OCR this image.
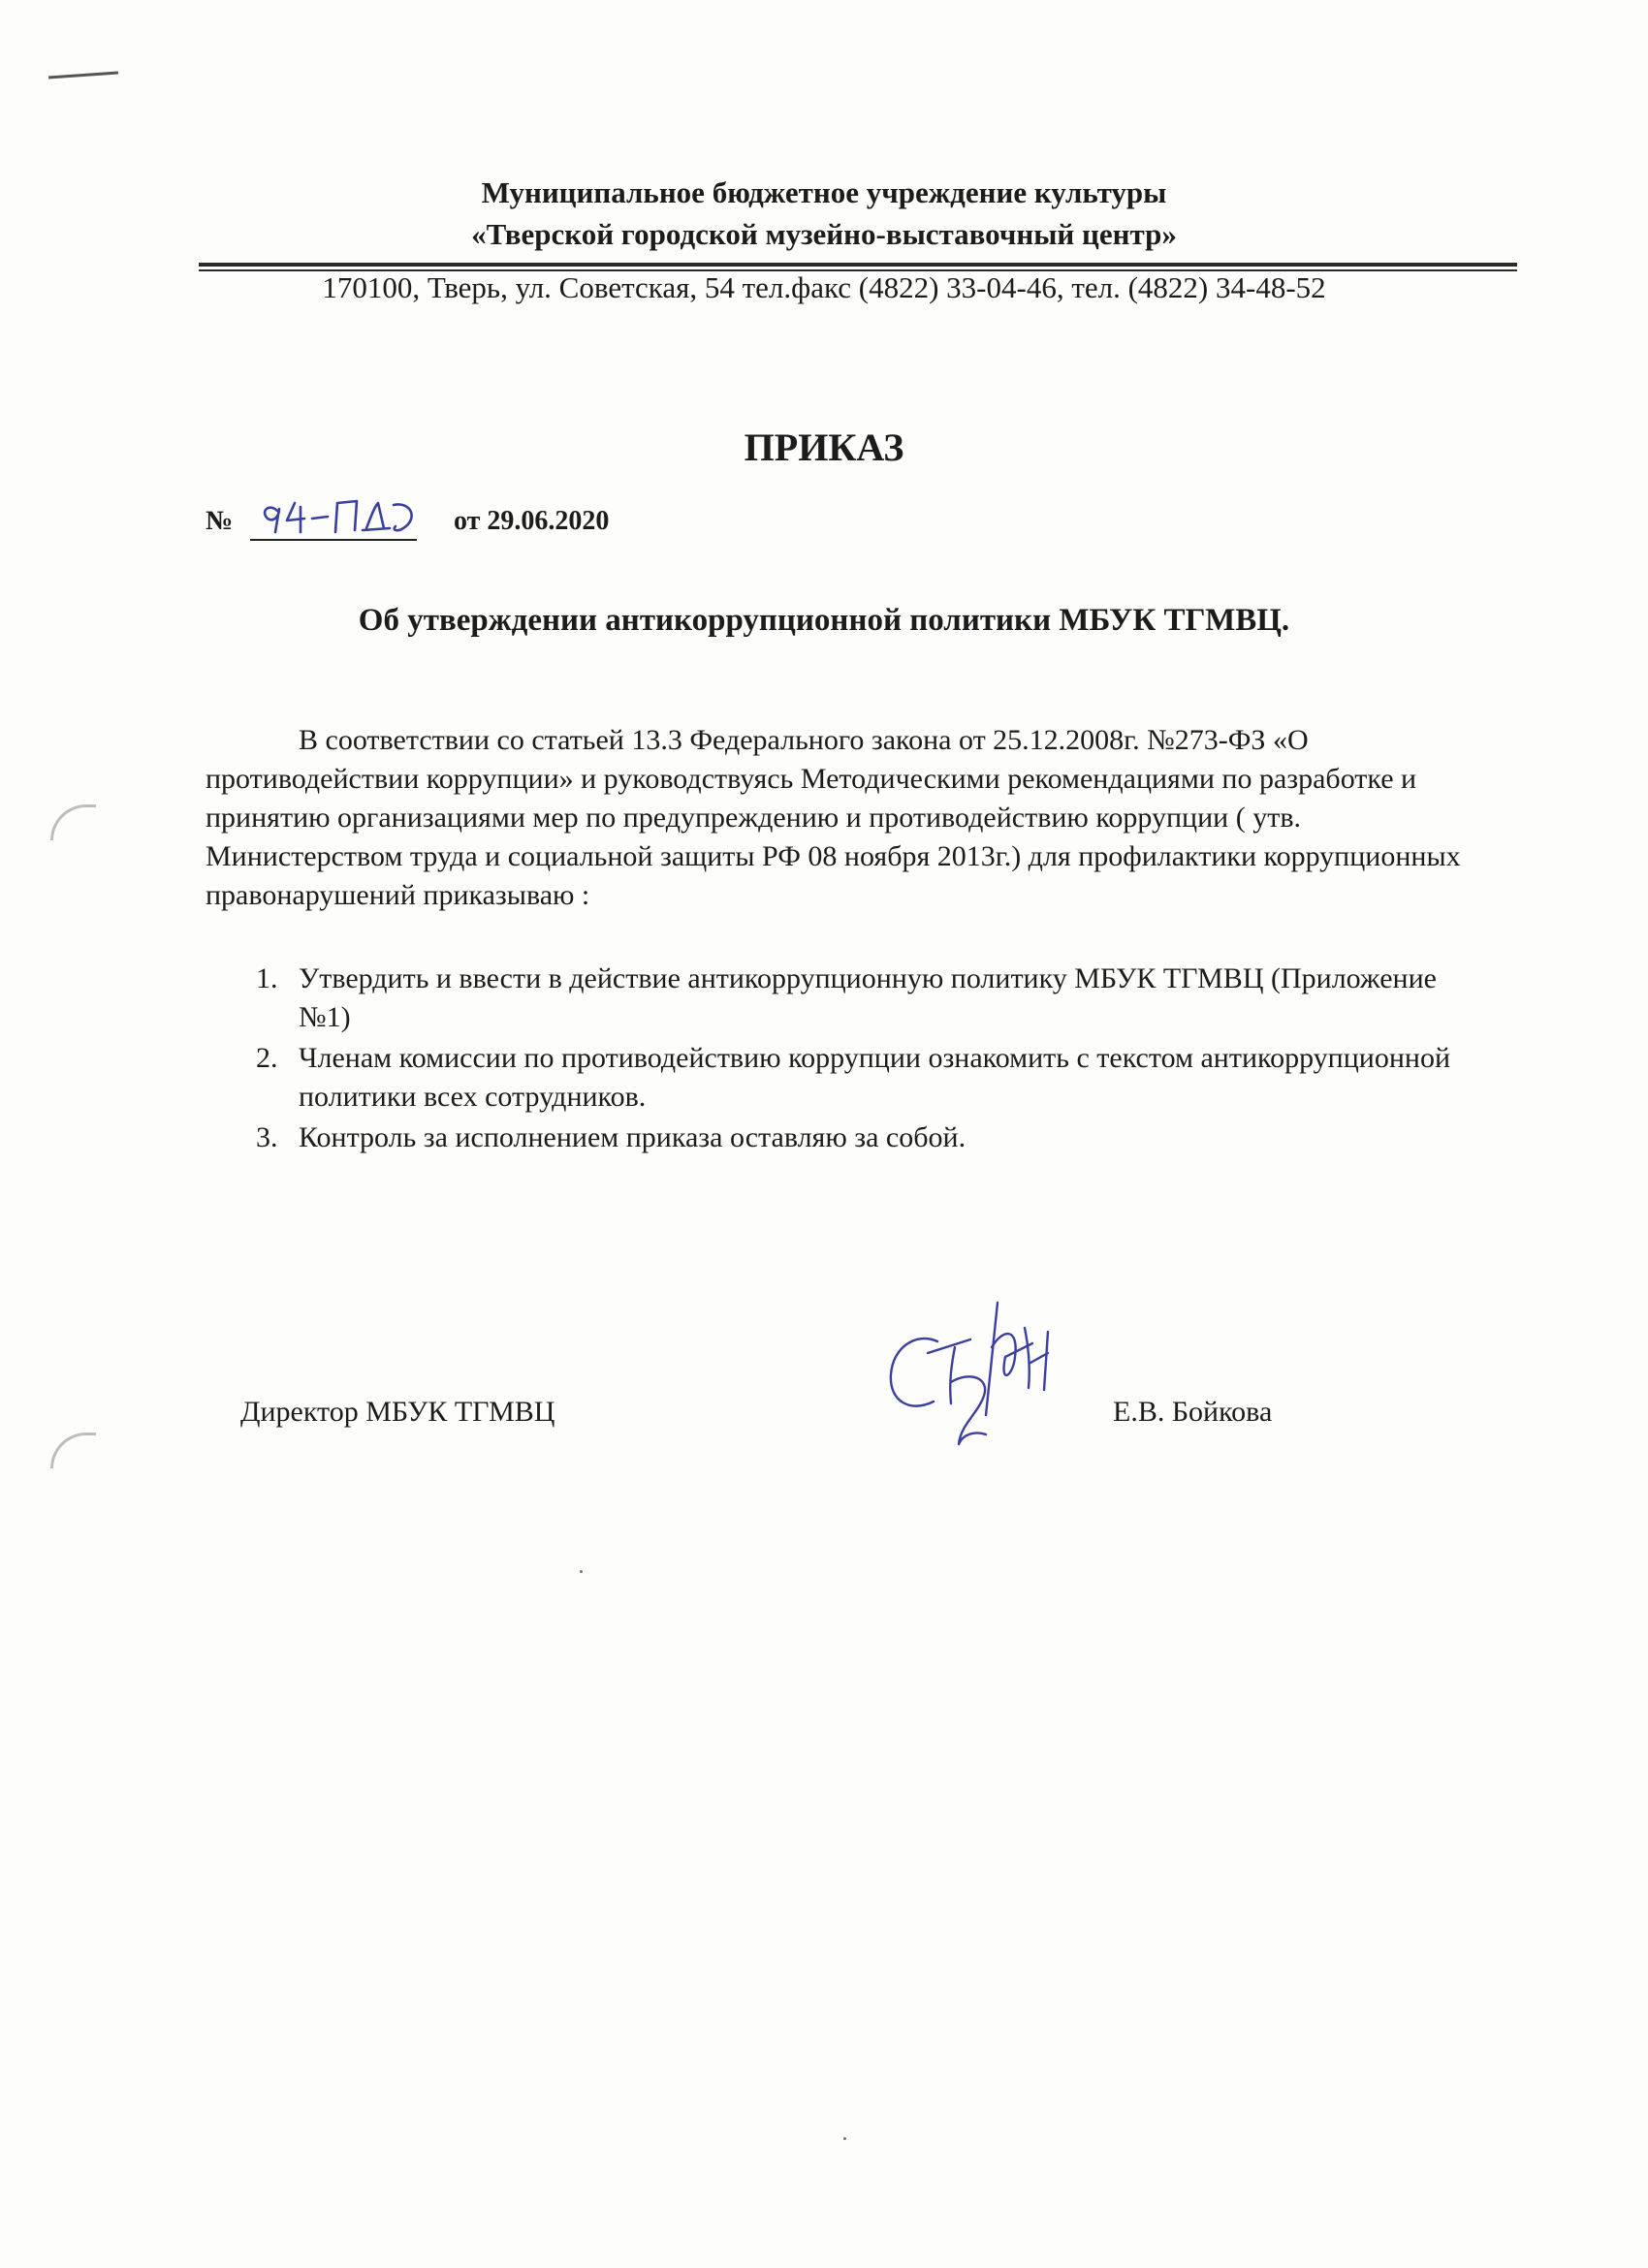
Муниципальное бюджетное учреждение культуры
«Тверской городской музейно-выставочный центр»
170100, Тверь, ул. Советская, 54 тел.факс (4822) 33-04-46, тел. (4822) 34-48-52
ПРИКАЗ
№	от 29.06.2020
Об утверждении антикоррупционной политики МБУК ТГМВЦ.

В соответствии со статьей 13.3 Федерального закона от 25.12.2008г. №273-ФЗ «О противодействии коррупции» и руководствуясь Методическими рекомендациями по разработке и принятию организациями мер по предупреждению и противодействию коррупции ( утв. Министерством труда и социальной защиты РФ 08 ноября 2013г.) для профилактики коррупционных правонарушений приказываю :

1. Утвердить и ввести в действие антикоррупционную политику МБУК ТГМВЦ (Приложение №1)
2. Членам комиссии по противодействию коррупции ознакомить с текстом антикоррупционной политики всех сотрудников.
3. Контроль за исполнением приказа оставляю за собой.
Директор МБУК ТГМВЦ	Е.В. Бойкова
